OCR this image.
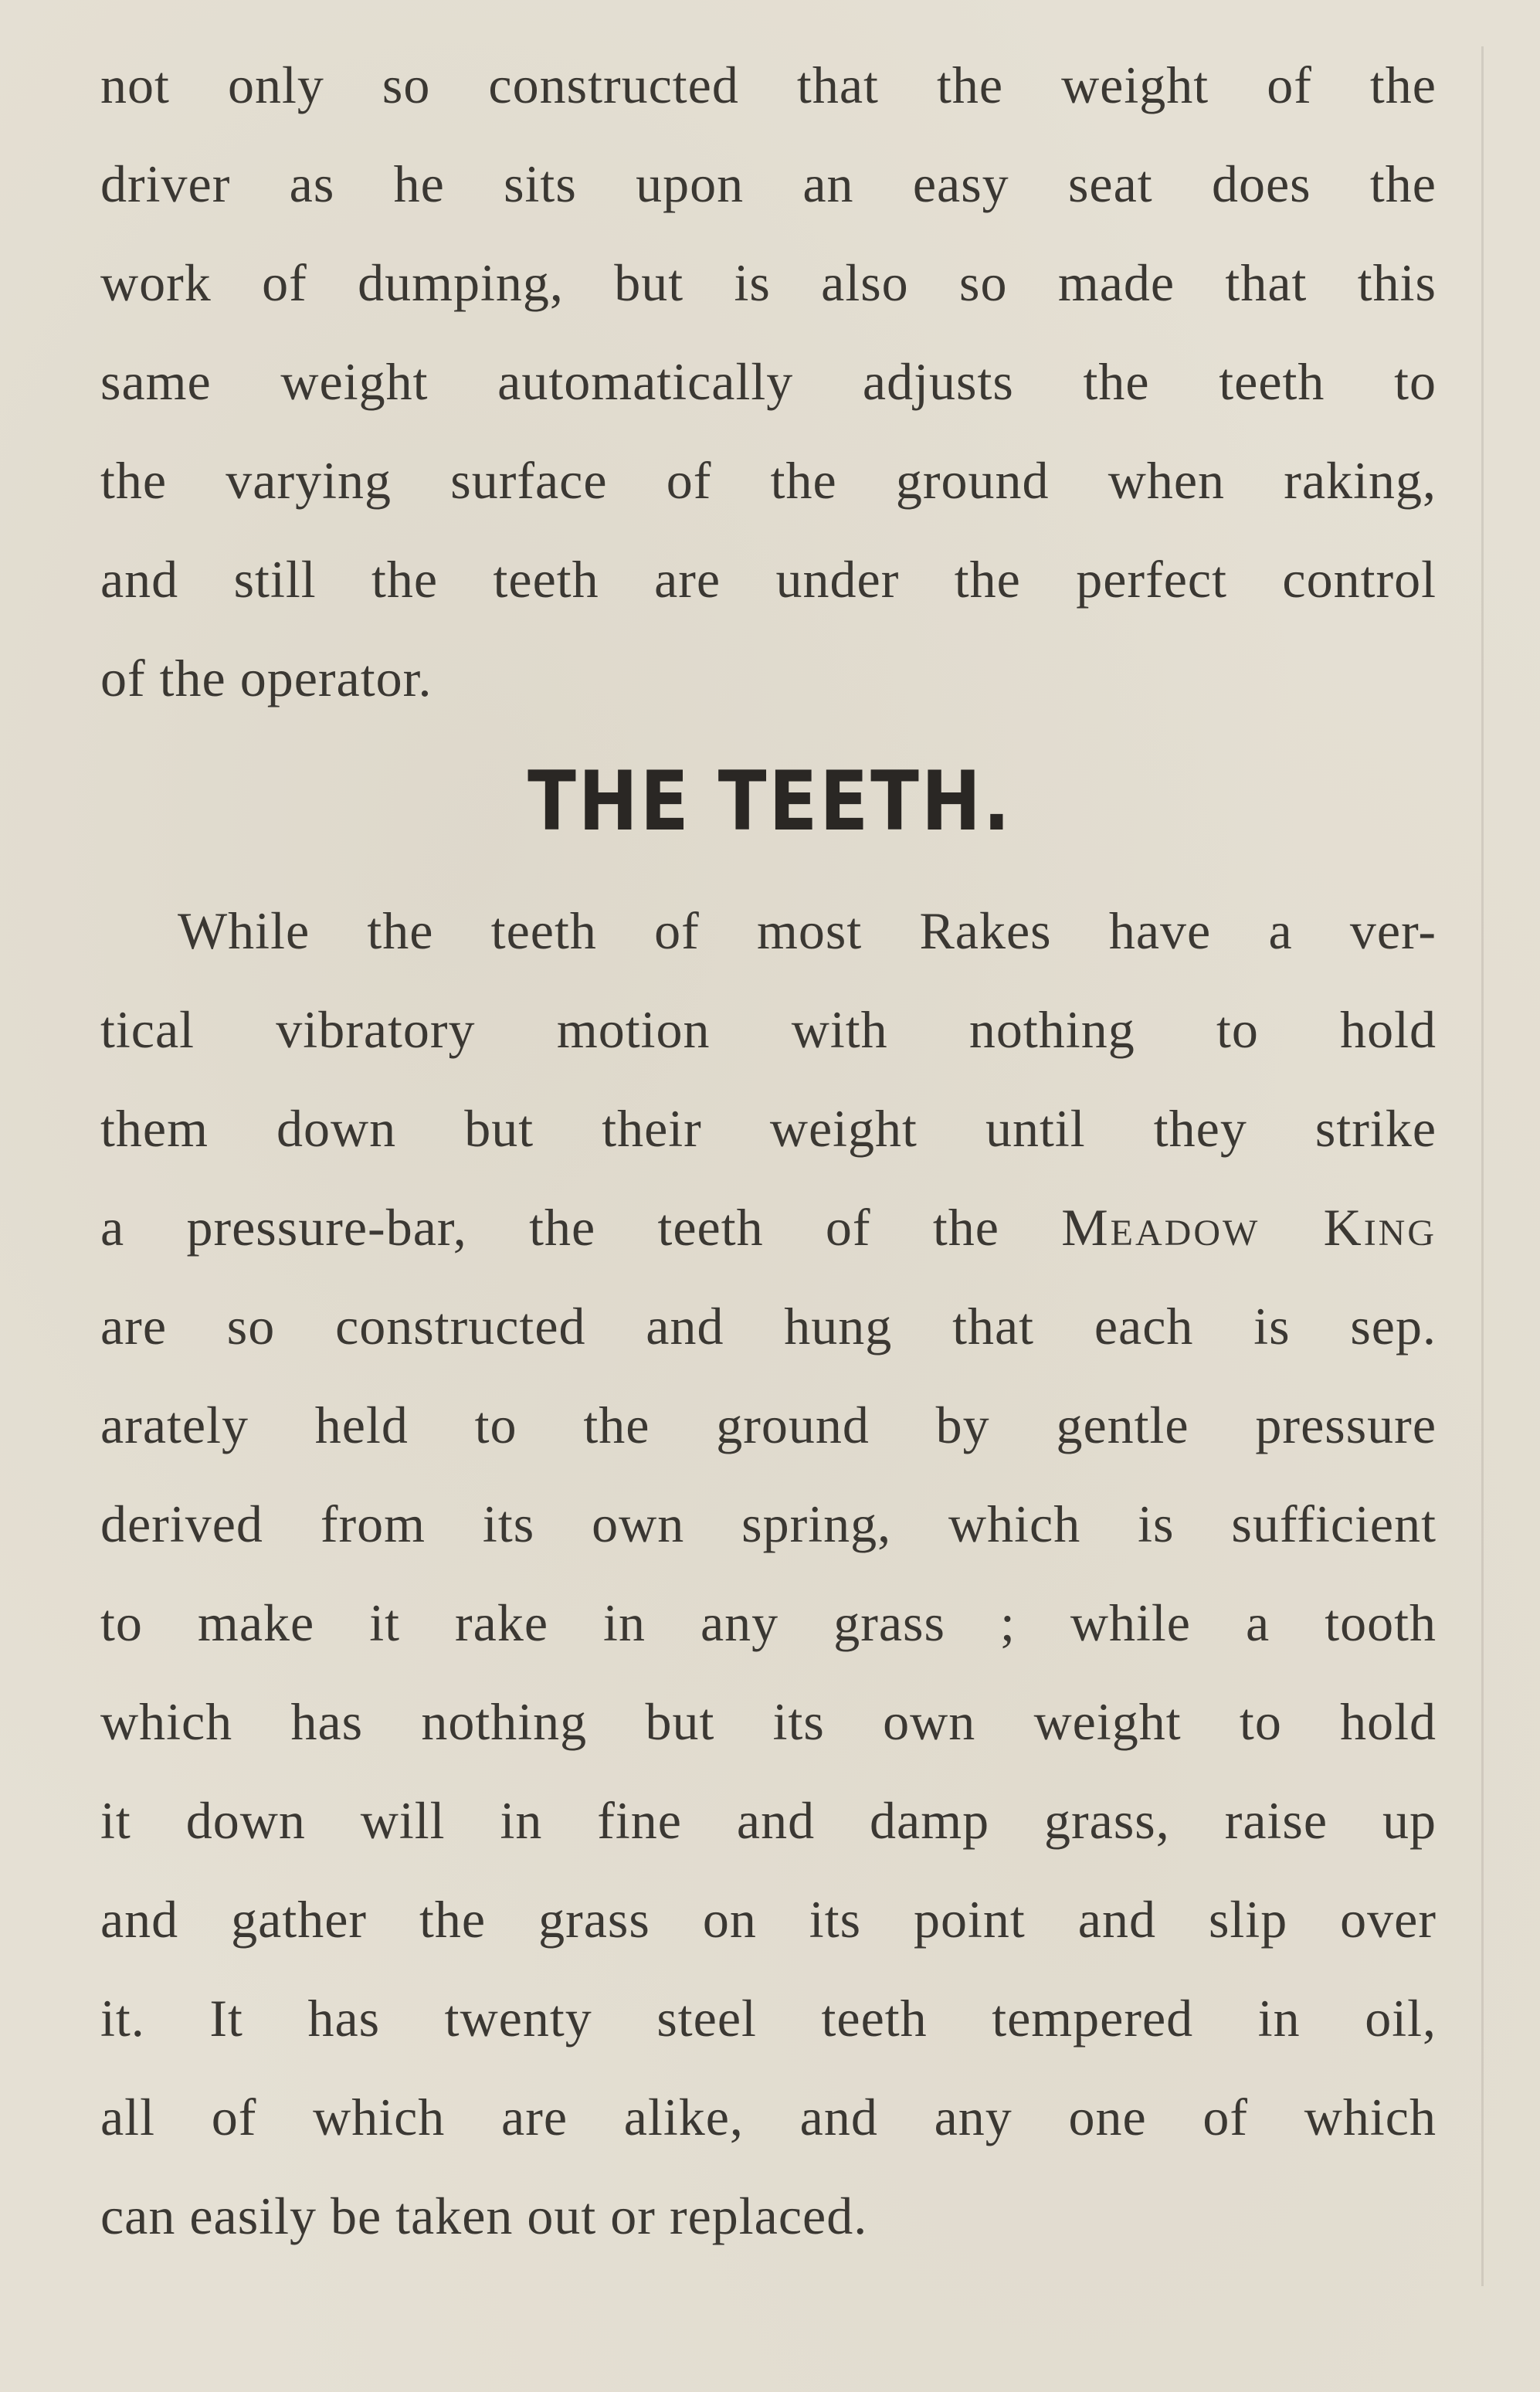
not only so constructed that the weight of the
driver as he sits upon an easy seat does the
work of dumping, but is also so made that this
same weight automatically adjusts the teeth to
the varying surface of the ground when raking,
and still the teeth are under the perfect control
of the operator.
THE TEETH.
While the teeth of most Rakes have a ver-
tical vibratory motion with nothing to hold
them down but their weight until they strike
a pressure-bar, the teeth of the Meadow King
are so constructed and hung that each is sep.
arately held to the ground by gentle pressure
derived from its own spring, which is sufficient
to make it rake in any grass ; while a tooth
which has nothing but its own weight to hold
it down will in fine and damp grass, raise up
and gather the grass on its point and slip over
it. It has twenty steel teeth tempered in oil,
all of which are alike, and any one of which
can easily be taken out or replaced.
